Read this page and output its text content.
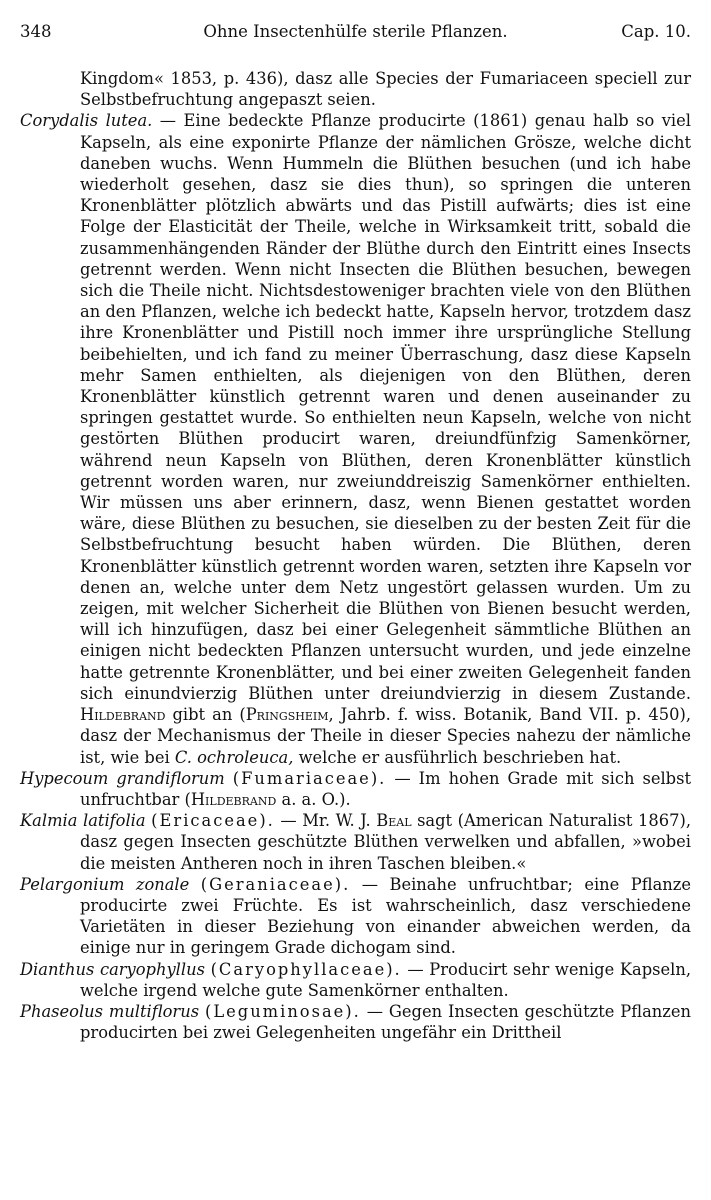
348	Ohne Insectenhülfe sterile Pflanzen.	Cap. 10.

Kingdom« 1853, p. 436), dasz alle Species der Fumariaceen speciell zur Selbstbefruchtung angepaszt seien.

Corydalis lutea. — Eine bedeckte Pflanze producirte (1861) genau halb so viel Kapseln, als eine exponirte Pflanze der nämlichen Grösze, welche dicht daneben wuchs. Wenn Hummeln die Blüthen besuchen (und ich habe wiederholt gesehen, dasz sie dies thun), so springen die unteren Kronenblätter plötzlich abwärts und das Pistill aufwärts; dies ist eine Folge der Elasticität der Theile, welche in Wirksamkeit tritt, sobald die zusammenhängenden Ränder der Blüthe durch den Eintritt eines Insects getrennt werden. Wenn nicht Insecten die Blüthen besuchen, bewegen sich die Theile nicht. Nichtsdestoweniger brachten viele von den Blüthen an den Pflanzen, welche ich bedeckt hatte, Kapseln hervor, trotzdem dasz ihre Kronenblätter und Pistill noch immer ihre ursprüngliche Stellung beibehielten, und ich fand zu meiner Überraschung, dasz diese Kapseln mehr Samen enthielten, als diejenigen von den Blüthen, deren Kronenblätter künstlich getrennt waren und denen auseinander zu springen gestattet wurde. So enthielten neun Kapseln, welche von nicht gestörten Blüthen producirt waren, dreiundfünfzig Samenkörner, während neun Kapseln von Blüthen, deren Kronenblätter künstlich getrennt worden waren, nur zweiunddreiszig Samenkörner enthielten. Wir müssen uns aber erinnern, dasz, wenn Bienen gestattet worden wäre, diese Blüthen zu besuchen, sie dieselben zu der besten Zeit für die Selbstbefruchtung besucht haben würden. Die Blüthen, deren Kronenblätter künstlich getrennt worden waren, setzten ihre Kapseln vor denen an, welche unter dem Netz ungestört gelassen wurden. Um zu zeigen, mit welcher Sicherheit die Blüthen von Bienen besucht werden, will ich hinzufügen, dasz bei einer Gelegenheit sämmtliche Blüthen an einigen nicht bedeckten Pflanzen untersucht wurden, und jede einzelne hatte getrennte Kronenblätter, und bei einer zweiten Gelegenheit fanden sich einundvierzig Blüthen unter dreiundvierzig in diesem Zustande. Hildebrand gibt an (Pringsheim, Jahrb. f. wiss. Botanik, Band VII. p. 450), dasz der Mechanismus der Theile in dieser Species nahezu der nämliche ist, wie bei C. ochroleuca, welche er ausführlich beschrieben hat.

Hypecoum grandiflorum (Fumariaceae). — Im hohen Grade mit sich selbst unfruchtbar (Hildebrand a. a. O.).

Kalmia latifolia (Ericaceae). — Mr. W. J. Beal sagt (American Naturalist 1867), dasz gegen Insecten geschützte Blüthen verwelken und abfallen, »wobei die meisten Antheren noch in ihren Taschen bleiben.«

Pelargonium zonale (Geraniaceae). — Beinahe unfruchtbar; eine Pflanze producirte zwei Früchte. Es ist wahrscheinlich, dasz verschiedene Varietäten in dieser Beziehung von einander abweichen werden, da einige nur in geringem Grade dichogam sind.

Dianthus caryophyllus (Caryophyllaceae). — Producirt sehr wenige Kapseln, welche irgend welche gute Samenkörner enthalten.

Phaseolus multiflorus (Leguminosae). — Gegen Insecten geschützte Pflanzen producirten bei zwei Gelegenheiten ungefähr ein Drittheil
